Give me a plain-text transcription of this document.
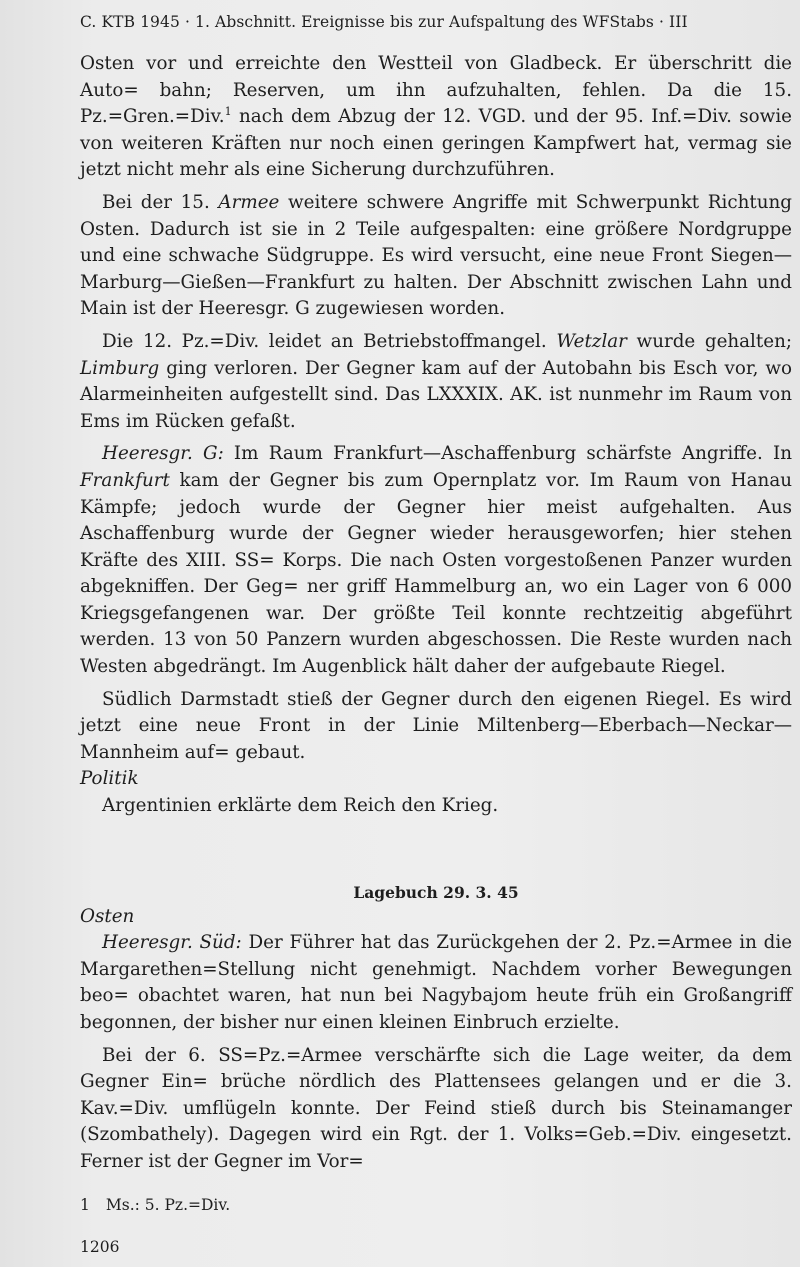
C. KTB 1945 · 1. Abschnitt. Ereignisse bis zur Aufspaltung des WFStabs · III

Osten vor und erreichte den Westteil von Gladbeck. Er überschritt die Auto= bahn; Reserven, um ihn aufzuhalten, fehlen. Da die 15. Pz.=Gren.=Div.$^1$ nach dem Abzug der 12. VGD. und der 95. Inf.=Div. sowie von weiteren Kräften nur noch einen geringen Kampfwert hat, vermag sie jetzt nicht mehr als eine Sicherung durchzuführen.

Bei der 15. Armee weitere schwere Angriffe mit Schwerpunkt Richtung Osten. Dadurch ist sie in 2 Teile aufgespalten: eine größere Nordgruppe und eine schwache Südgruppe. Es wird versucht, eine neue Front Siegen—Marburg—Gießen—Frankfurt zu halten. Der Abschnitt zwischen Lahn und Main ist der Heeresgr. G zugewiesen worden.

Die 12. Pz.=Div. leidet an Betriebstoffmangel. Wetzlar wurde gehalten; Limburg ging verloren. Der Gegner kam auf der Autobahn bis Esch vor, wo Alarmeinheiten aufgestellt sind. Das LXXXIX. AK. ist nunmehr im Raum von Ems im Rücken gefaßt.

Heeresgr. G: Im Raum Frankfurt—Aschaffenburg schärfste Angriffe. In Frankfurt kam der Gegner bis zum Opernplatz vor. Im Raum von Hanau Kämpfe; jedoch wurde der Gegner hier meist aufgehalten. Aus Aschaffenburg wurde der Gegner wieder herausgeworfen; hier stehen Kräfte des XIII. SS= Korps. Die nach Osten vorgestoßenen Panzer wurden abgekniffen. Der Geg= ner griff Hammelburg an, wo ein Lager von 6 000 Kriegsgefangenen war. Der größte Teil konnte rechtzeitig abgeführt werden. 13 von 50 Panzern wurden abgeschossen. Die Reste wurden nach Westen abgedrängt. Im Augenblick hält daher der aufgebaute Riegel.

Südlich Darmstadt stieß der Gegner durch den eigenen Riegel. Es wird jetzt eine neue Front in der Linie Miltenberg—Eberbach—Neckar—Mannheim auf= gebaut.

Politik

Argentinien erklärte dem Reich den Krieg.

Lagebuch 29. 3. 45
Osten

Heeresgr. Süd: Der Führer hat das Zurückgehen der 2. Pz.=Armee in die Margarethen=Stellung nicht genehmigt. Nachdem vorher Bewegungen beo= obachtet waren, hat nun bei Nagybajom heute früh ein Großangriff begonnen, der bisher nur einen kleinen Einbruch erzielte.

Bei der 6. SS=Pz.=Armee verschärfte sich die Lage weiter, da dem Gegner Ein= brüche nördlich des Plattensees gelangen und er die 3. Kav.=Div. umflügeln konnte. Der Feind stieß durch bis Steinamanger (Szombathely). Dagegen wird ein Rgt. der 1. Volks=Geb.=Div. eingesetzt. Ferner ist der Gegner im Vor=

1 Ms.: 5. Pz.=Div.
1206
